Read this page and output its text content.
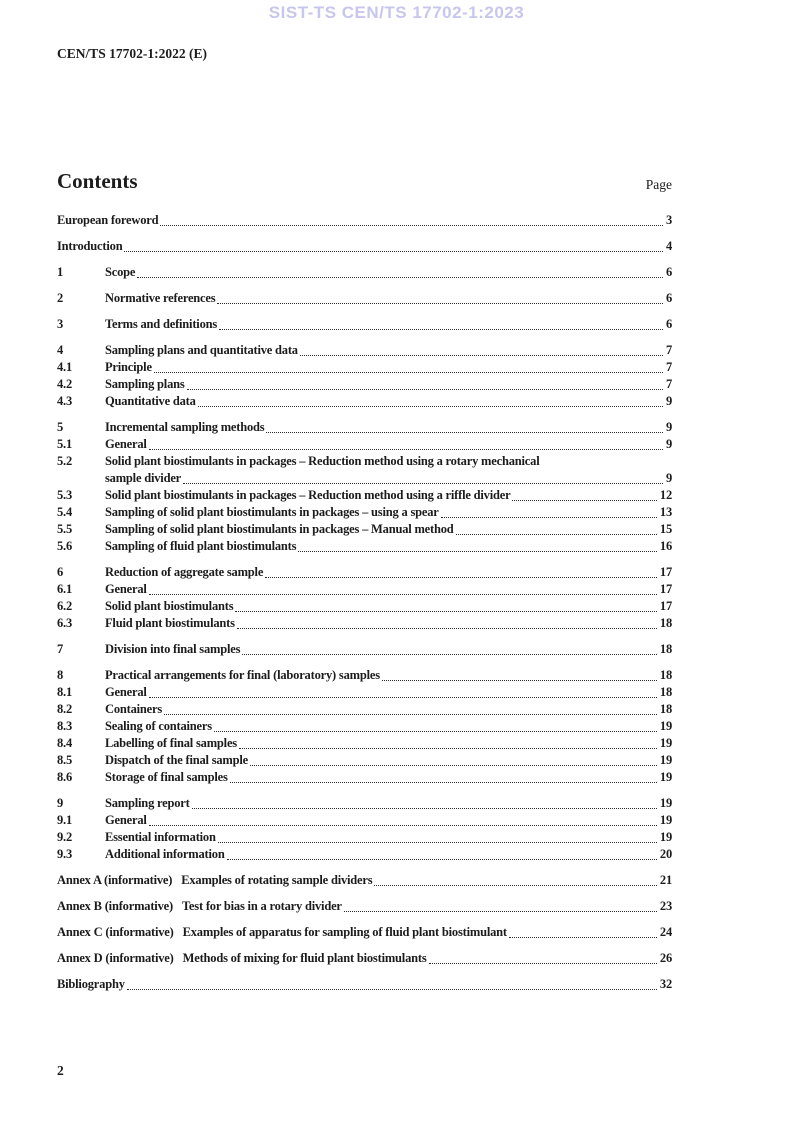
SIST-TS CEN/TS 17702-1:2023
CEN/TS 17702-1:2022 (E)
Contents	Page
European foreword	3
Introduction	4
1	Scope	6
2	Normative references	6
3	Terms and definitions	6
4	Sampling plans and quantitative data	7
4.1	Principle	7
4.2	Sampling plans	7
4.3	Quantitative data	9
5	Incremental sampling methods	9
5.1	General	9
5.2	Solid plant biostimulants in packages – Reduction method using a rotary mechanical
sample divider	9
5.3	Solid plant biostimulants in packages – Reduction method using a riffle divider	12
5.4	Sampling of solid plant biostimulants in packages – using a spear	13
5.5	Sampling of solid plant biostimulants in packages – Manual method	15
5.6	Sampling of fluid plant biostimulants	16
6	Reduction of aggregate sample	17
6.1	General	17
6.2	Solid plant biostimulants	17
6.3	Fluid plant biostimulants	18
7	Division into final samples	18
8	Practical arrangements for final (laboratory) samples	18
8.1	General	18
8.2	Containers	18
8.3	Sealing of containers	19
8.4	Labelling of final samples	19
8.5	Dispatch of the final sample	19
8.6	Storage of final samples	19
9	Sampling report	19
9.1	General	19
9.2	Essential information	19
9.3	Additional information	20
Annex A (informative) Examples of rotating sample dividers	21
Annex B (informative) Test for bias in a rotary divider	23
Annex C (informative) Examples of apparatus for sampling of fluid plant biostimulant	24
Annex D (informative) Methods of mixing for fluid plant biostimulants	26
Bibliography	32
2
